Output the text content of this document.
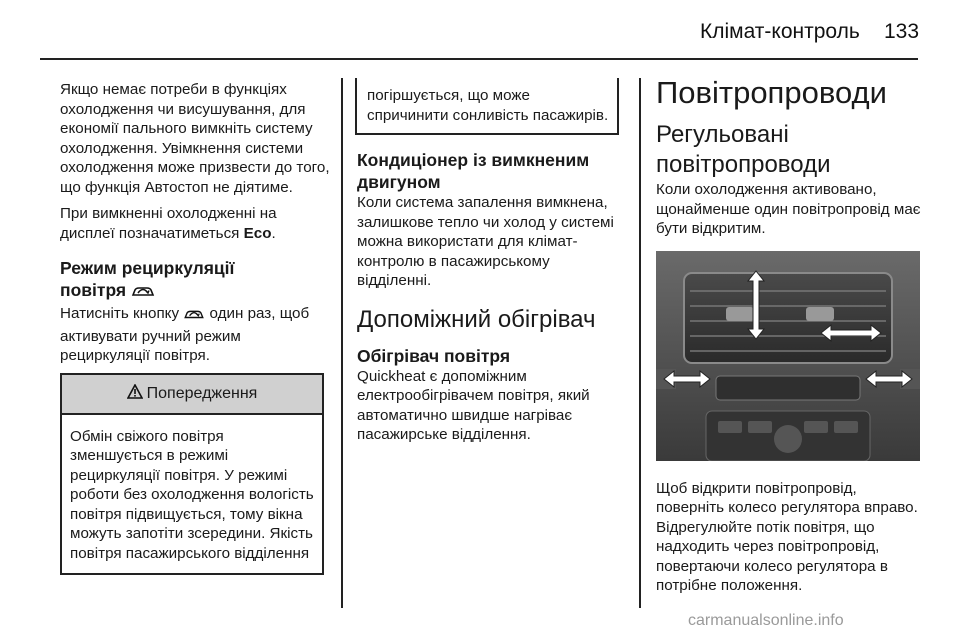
Клімат-контроль 133

Якщо немає потреби в функціях охолодження чи висушування, для економії пального вимкніть систему охолодження. Увімкнення системи охолодження може призвести до того, що функція Автостоп не діятиме.

При вимкненні охолодженні на дисплеї позначатиметься Eco.

Режим рециркуляції
повітря

Натисніть кнопку  один раз, щоб активувати ручний режим рециркуляції повітря.

Попередження

Обмін свіжого повітря зменшується в режимі рециркуляції повітря. У режимі роботи без охолодження вологість повітря підвищується, тому вікна можуть запотіти зсередини. Якість повітря пасажирського відділення

погіршується, що може спричинити сонливість пасажирів.

Кондиціонер із вимкненим двигуном

Коли система запалення вимкнена, залишкове тепло чи холод у системі можна використати для клімат-контролю в пасажирському відділенні.

Допоміжний обігрівач
Обігрівач повітря

Quickheat є допоміжним електрообігрівачем повітря, який автоматично швидше нагріває пасажирське відділення.

Повітропроводи
Регульовані повітропроводи

Коли охолодження активовано, щонайменше один повітропровід має бути відкритим.

Щоб відкрити повітропровід, поверніть колесо регулятора вправо. Відрегулюйте потік повітря, що надходить через повітропровід, повертаючи колесо регулятора в потрібне положення.

carmanualsonline.info
